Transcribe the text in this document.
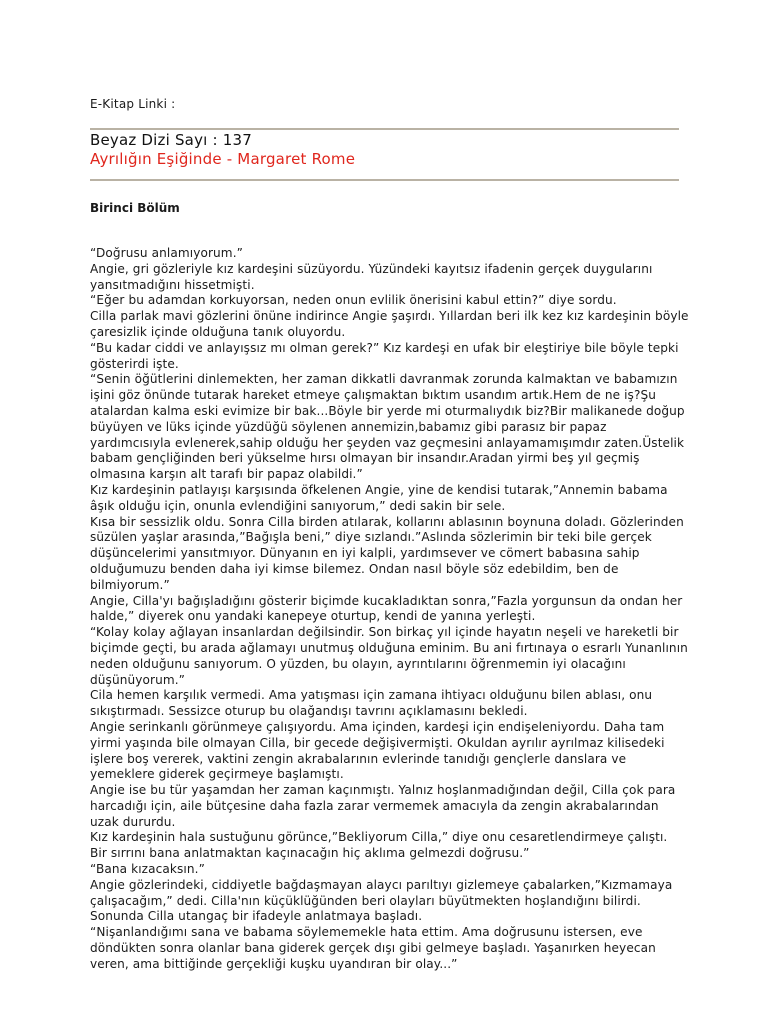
E-Kitap Linki :
Beyaz Dizi Sayı : 137
Ayrılığın Eşiğinde - Margaret Rome
Birinci Bölüm

“Doğrusu anlamıyorum.”

Angie, gri gözleriyle kız kardeşini süzüyordu. Yüzündeki kayıtsız ifadenin gerçek duygularını yansıtmadığını hissetmişti.

“Eğer bu adamdan korkuyorsan, neden onun evlilik önerisini kabul ettin?” diye sordu.

Cilla parlak mavi gözlerini önüne indirince Angie şaşırdı. Yıllardan beri ilk kez kız kardeşinin böyle çaresizlik içinde olduğuna tanık oluyordu.

“Bu kadar ciddi ve anlayışsız mı olman gerek?” Kız kardeşi en ufak bir eleştiriye bile böyle tepki gösterirdi işte.

“Senin öğütlerini dinlemekten, her zaman dikkatli davranmak zorunda kalmaktan ve babamızın işini göz önünde tutarak hareket etmeye çalışmaktan bıktım usandım artık.Hem de ne iş?Şu atalardan kalma eski evimize bir bak...Böyle bir yerde mi oturmalıydık biz?Bir malikanede doğup büyüyen ve lüks içinde yüzdüğü söylenen annemizin,babamız gibi parasız bir papaz yardımcısıyla evlenerek,sahip olduğu her şeyden vaz geçmesini anlayamamışımdır zaten.Üstelik babam gençliğinden beri yükselme hırsı olmayan bir insandır.Aradan yirmi beş yıl geçmiş olmasına karşın alt tarafı bir papaz olabildi.”

Kız kardeşinin patlayışı karşısında öfkelenen Angie, yine de kendisi tutarak,”Annemin babama âşık olduğu için, onunla evlendiğini sanıyorum,” dedi sakin bir sele.

Kısa bir sessizlik oldu. Sonra Cilla birden atılarak, kollarını ablasının boynuna doladı. Gözlerinden süzülen yaşlar arasında,”Bağışla beni,” diye sızlandı.”Aslında sözlerimin bir teki bile gerçek düşüncelerimi yansıtmıyor. Dünyanın en iyi kalpli, yardımsever ve cömert babasına sahip olduğumuzu benden daha iyi kimse bilemez. Ondan nasıl böyle söz edebildim, ben de bilmiyorum.”

Angie, Cilla'yı bağışladığını gösterir biçimde kucakladıktan sonra,”Fazla yorgunsun da ondan her halde,” diyerek onu yandaki kanepeye oturtup, kendi de yanına yerleşti.

“Kolay kolay ağlayan insanlardan değilsindir. Son birkaç yıl içinde hayatın neşeli ve hareketli bir biçimde geçti, bu arada ağlamayı unutmuş olduğuna eminim. Bu ani fırtınaya o esrarlı Yunanlının neden olduğunu sanıyorum. O yüzden, bu olayın, ayrıntılarını öğrenmemin iyi olacağını düşünüyorum.”

Cila hemen karşılık vermedi. Ama yatışması için zamana ihtiyacı olduğunu bilen ablası, onu sıkıştırmadı. Sessizce oturup bu olağandışı tavrını açıklamasını bekledi.

Angie serinkanlı görünmeye çalışıyordu. Ama içinden, kardeşi için endişeleniyordu. Daha tam yirmi yaşında bile olmayan Cilla, bir gecede değişivermişti. Okuldan ayrılır ayrılmaz kilisedeki işlere boş vererek, vaktini zengin akrabalarının evlerinde tanıdığı gençlerle danslara ve yemeklere giderek geçirmeye başlamıştı.

Angie ise bu tür yaşamdan her zaman kaçınmıştı. Yalnız hoşlanmadığından değil, Cilla çok para harcadığı için, aile bütçesine daha fazla zarar vermemek amacıyla da zengin akrabalarından uzak dururdu.

Kız kardeşinin hala sustuğunu görünce,”Bekliyorum Cilla,” diye onu cesaretlendirmeye çalıştı.

Bir sırrını bana anlatmaktan kaçınacağın hiç aklıma gelmezdi doğrusu.”

“Bana kızacaksın.”

Angie gözlerindeki, ciddiyetle bağdaşmayan alaycı parıltıyı gizlemeye çabalarken,”Kızmamaya çalışacağım,” dedi. Cilla'nın küçüklüğünden beri olayları büyütmekten hoşlandığını bilirdi.

Sonunda Cilla utangaç bir ifadeyle anlatmaya başladı.

“Nişanlandığımı sana ve babama söylememekle hata ettim. Ama doğrusunu istersen, eve döndükten sonra olanlar bana giderek gerçek dışı gibi gelmeye başladı. Yaşanırken heyecan veren, ama bittiğinde gerçekliği kuşku uyandıran bir olay...”
